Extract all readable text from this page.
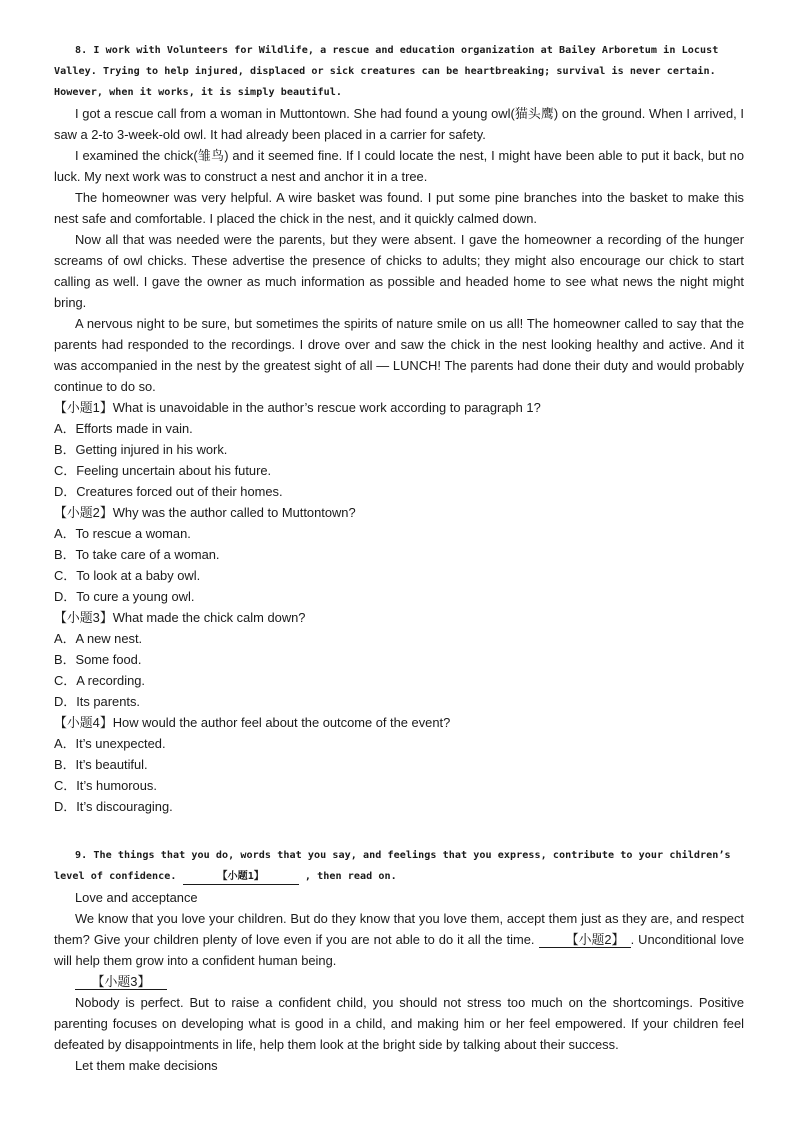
8. I work with Volunteers for Wildlife, a rescue and education organization at Bailey Arboretum in Locust

Valley. Trying to help injured, displaced or sick creatures can be heartbreaking; survival is never certain.

However, when it works, it is simply beautiful.

I got a rescue call from a woman in Muttontown. She had found a young owl(猫头鹰) on the ground. When I arrived, I saw a 2-to 3-week-old owl. It had already been placed in a carrier for safety.

I examined the chick(雏鸟) and it seemed fine. If I could locate the nest, I might have been able to put it back, but no luck. My next work was to construct a nest and anchor it in a tree.

The homeowner was very helpful. A wire basket was found. I put some pine branches into the basket to make this nest safe and comfortable. I placed the chick in the nest, and it quickly calmed down.

Now all that was needed were the parents, but they were absent. I gave the homeowner a recording of the hunger screams of owl chicks. These advertise the presence of chicks to adults; they might also encourage our chick to start calling as well. I gave the owner as much information as possible and headed home to see what news the night might bring.

A nervous night to be sure, but sometimes the spirits of nature smile on us all! The homeowner called to say that the parents had responded to the recordings. I drove over and saw the chick in the nest looking healthy and active. And it was accompanied in the nest by the greatest sight of all — LUNCH! The parents had done their duty and would probably continue to do so.

【小题1】What is unavoidable in the author’s rescue work according to paragraph 1?

A．Efforts made in vain.

B．Getting injured in his work.

C．Feeling uncertain about his future.

D．Creatures forced out of their homes.

【小题2】Why was the author called to Muttontown?

A．To rescue a woman.

B．To take care of a woman.

C．To look at a baby owl.

D．To cure a young owl.

【小题3】What made the chick calm down?

A．A new nest.

B．Some food.

C．A recording.

D．Its parents.

【小题4】How would the author feel about the outcome of the event?

A．It’s unexpected.

B．It’s beautiful.

C．It’s humorous.

D．It’s discouraging.

9. The things that you do, words that you say, and feelings that you express, contribute to your children’s

level of confidence.	【小题1】	, then read on.

Love and acceptance

We know that you love your children. But do they know that you love them, accept them just as they are, and respect them? Give your children plenty of love even if you are not able to do it all the time. 【小题2】 . Unconditional love will help them grow into a confident human being.

【小题3】

Nobody is perfect. But to raise a confident child, you should not stress too much on the shortcomings. Positive parenting focuses on developing what is good in a child, and making him or her feel empowered. If your children feel defeated by disappointments in life, help them look at the bright side by talking about their success.

Let them make decisions
